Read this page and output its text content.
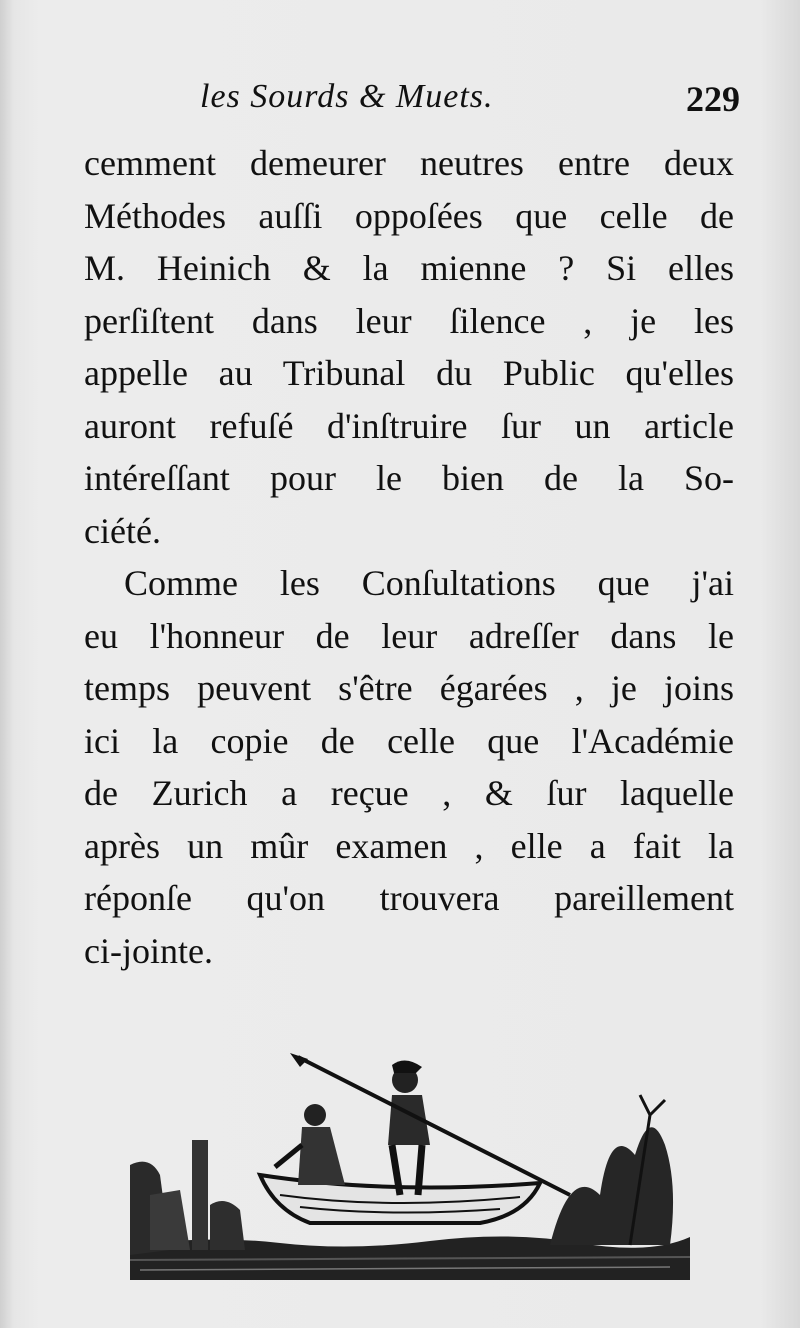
les Sourds & Muets.	229
cemment demeurer neutres entre deux
Méthodes auſſi oppoſées que celle de
M. Heinich & la mienne ? Si elles
perſiſtent dans leur ſilence , je les
appelle au Tribunal du Public qu'elles
auront refuſé d'inſtruire ſur un article
intéreſſant pour le bien de la So-
ciété.
Comme les Conſultations que j'ai
eu l'honneur de leur adreſſer dans le
temps peuvent s'être égarées , je joins
ici la copie de celle que l'Académie
de Zurich a reçue , & ſur laquelle
après un mûr examen , elle a fait la
réponſe qu'on trouvera pareillement
ci-jointe.
